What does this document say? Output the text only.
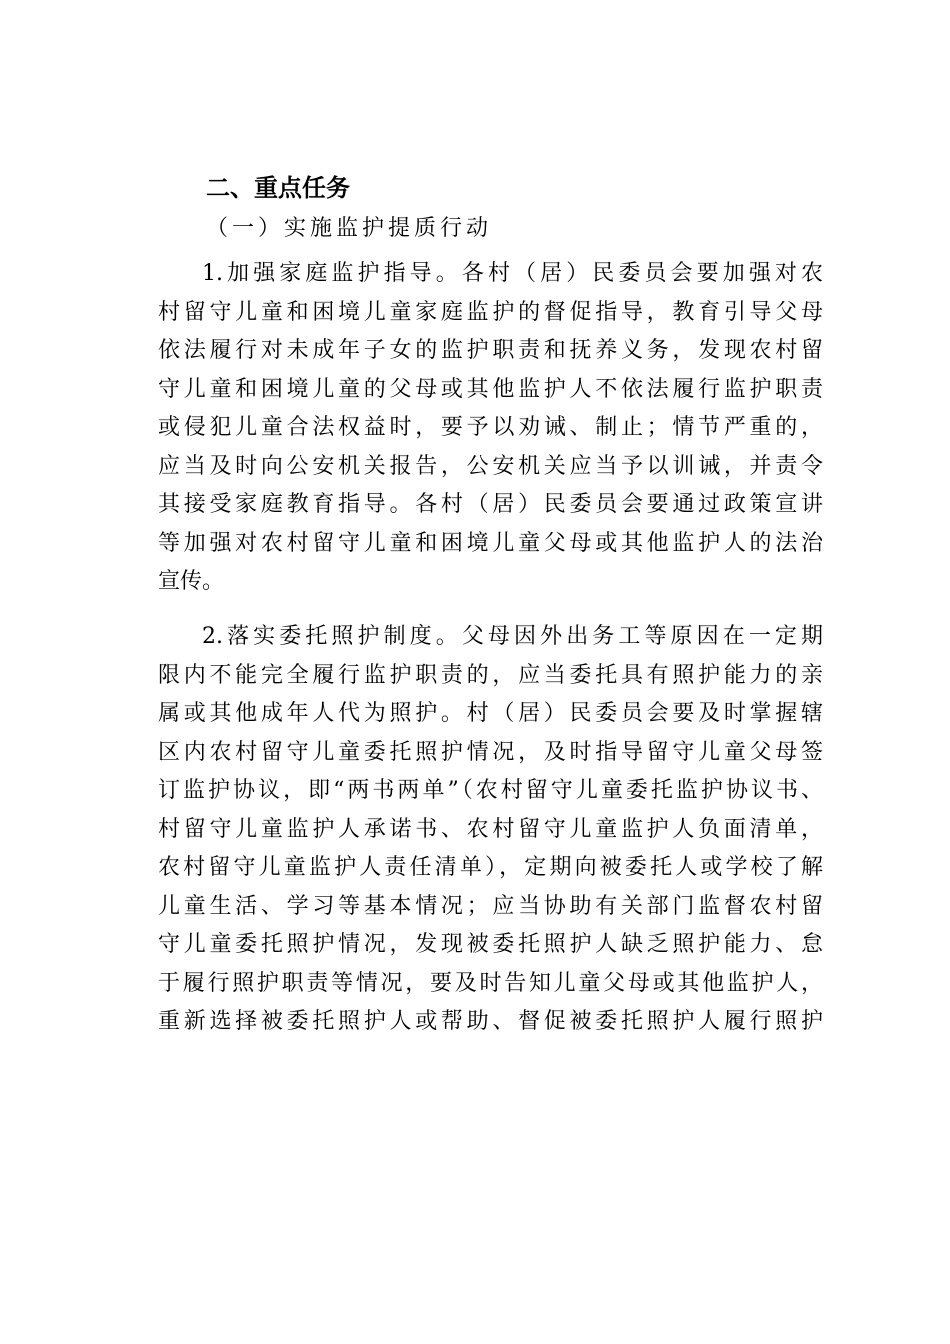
二、重点任务
（一）实施监护提质行动
1.加强家庭监护指导。各村（居）民委员会要加强对农
村留守儿童和困境儿童家庭监护的督促指导，教育引导父母
依法履行对未成年子女的监护职责和抚养义务，发现农村留
守儿童和困境儿童的父母或其他监护人不依法履行监护职责
或侵犯儿童合法权益时，要予以劝诫、制止；情节严重的，
应当及时向公安机关报告，公安机关应当予以训诫，并责令
其接受家庭教育指导。各村（居）民委员会要通过政策宣讲
等加强对农村留守儿童和困境儿童父母或其他监护人的法治
宣传。
2.落实委托照护制度。父母因外出务工等原因在一定期
限内不能完全履行监护职责的，应当委托具有照护能力的亲
属或其他成年人代为照护。村（居）民委员会要及时掌握辖
区内农村留守儿童委托照护情况，及时指导留守儿童父母签
订监护协议，即“两书两单”（农村留守儿童委托监护协议书、
村留守儿童监护人承诺书、农村留守儿童监护人负面清单，
农村留守儿童监护人责任清单），定期向被委托人或学校了解
儿童生活、学习等基本情况；应当协助有关部门监督农村留
守儿童委托照护情况，发现被委托照护人缺乏照护能力、怠
于履行照护职责等情况，要及时告知儿童父母或其他监护人，
重新选择被委托照护人或帮助、督促被委托照护人履行照护
